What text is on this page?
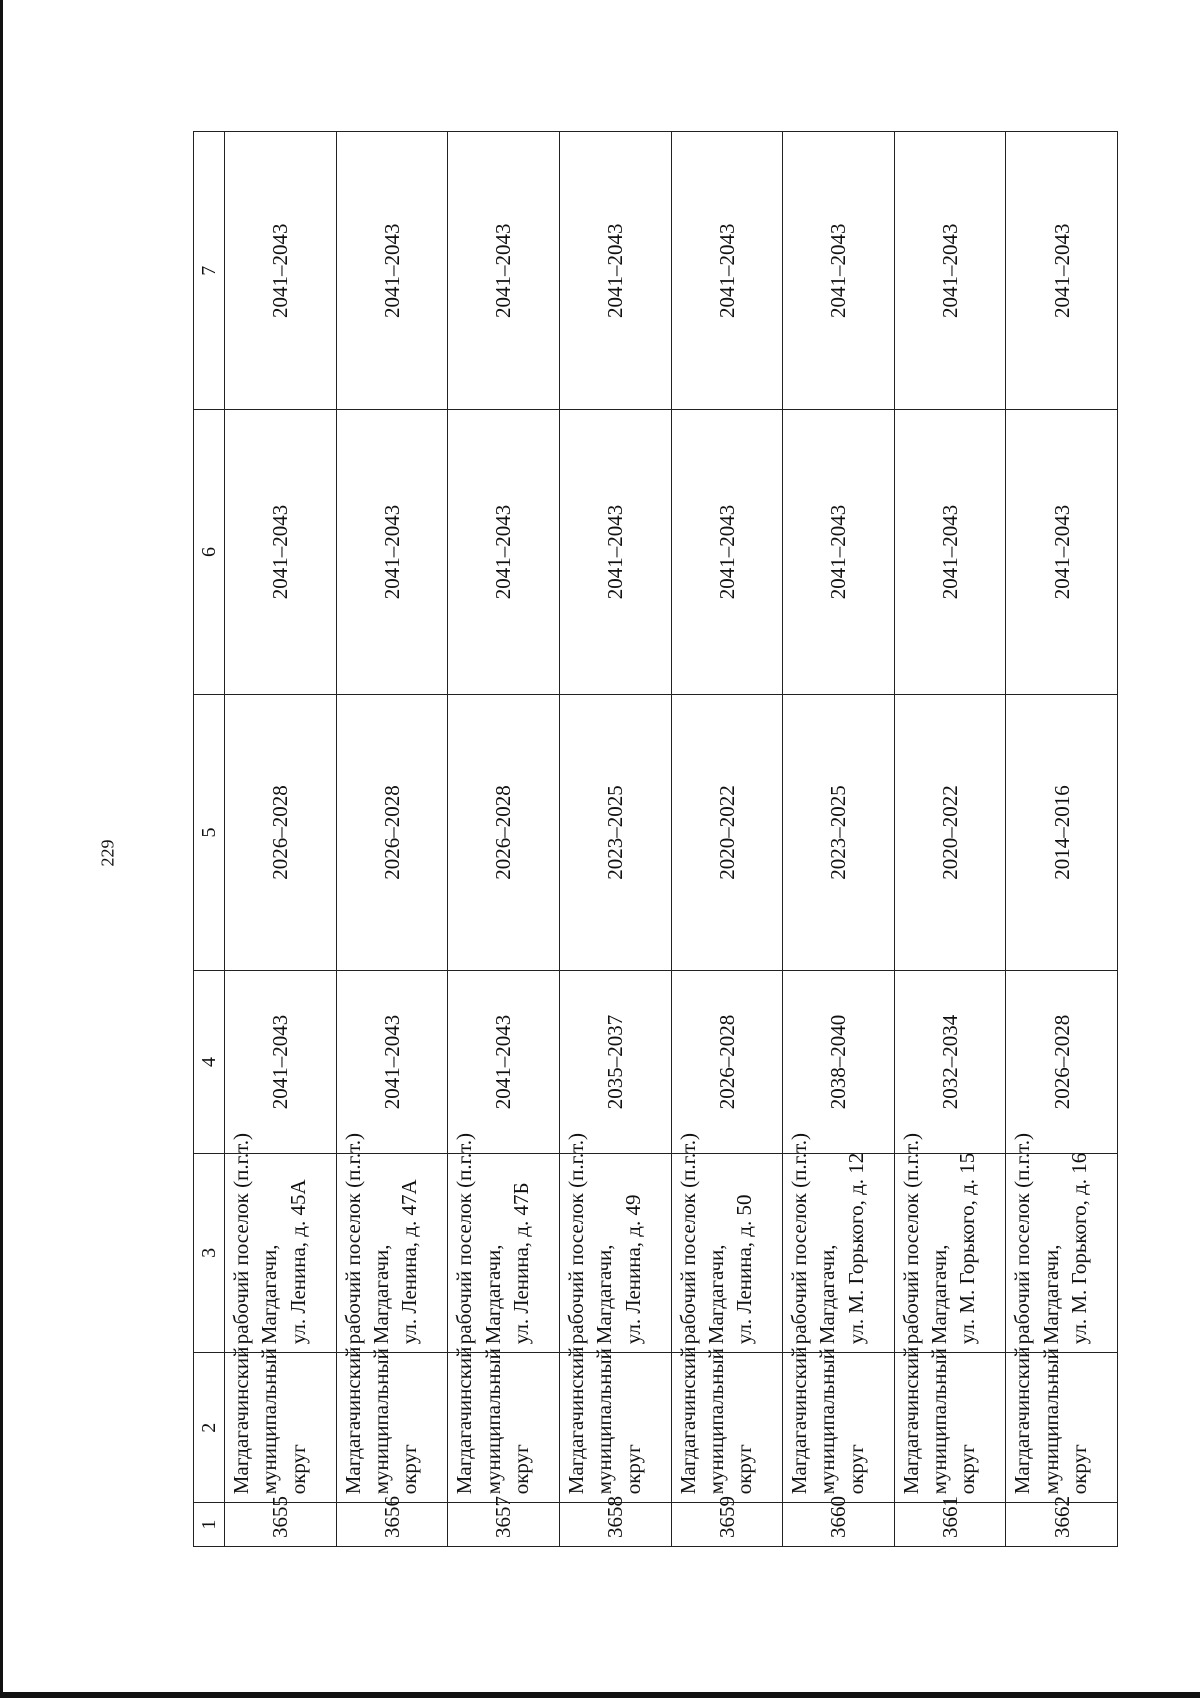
229
1	2	3	4	5	6	7
3655	Магдагачинский муниципальный округ	рабочий поселок (п.г.т.) Магдагачи, ул. Ленина, д. 45А	2041–2043	2026–2028	2041–2043	2041–2043
3656	Магдагачинский муниципальный округ	рабочий поселок (п.г.т.) Магдагачи, ул. Ленина, д. 47А	2041–2043	2026–2028	2041–2043	2041–2043
3657	Магдагачинский муниципальный округ	рабочий поселок (п.г.т.) Магдагачи, ул. Ленина, д. 47Б	2041–2043	2026–2028	2041–2043	2041–2043
3658	Магдагачинский муниципальный округ	рабочий поселок (п.г.т.) Магдагачи, ул. Ленина, д. 49	2035–2037	2023–2025	2041–2043	2041–2043
3659	Магдагачинский муниципальный округ	рабочий поселок (п.г.т.) Магдагачи, ул. Ленина, д. 50	2026–2028	2020–2022	2041–2043	2041–2043
3660	Магдагачинский муниципальный округ	рабочий поселок (п.г.т.) Магдагачи, ул. М. Горького, д. 12	2038–2040	2023–2025	2041–2043	2041–2043
3661	Магдагачинский муниципальный округ	рабочий поселок (п.г.т.) Магдагачи, ул. М. Горького, д. 15	2032–2034	2020–2022	2041–2043	2041–2043
3662	Магдагачинский муниципальный округ	рабочий поселок (п.г.т.) Магдагачи, ул. М. Горького, д. 16	2026–2028	2014–2016	2041–2043	2041–2043
